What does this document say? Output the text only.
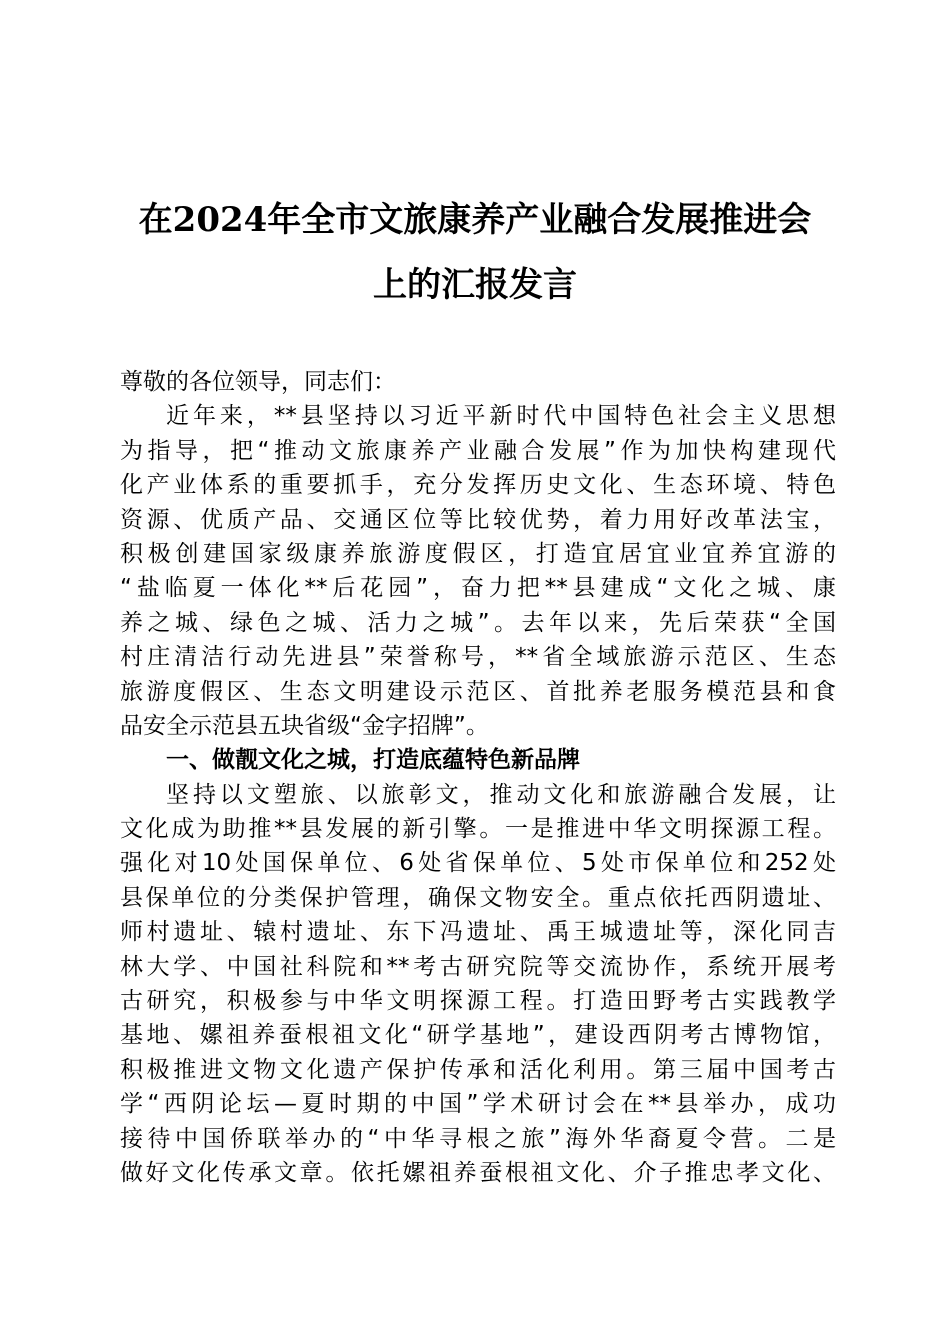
在2024年全市文旅康养产业融合发展推进会
上的汇报发言
尊敬的各位领导，同志们：
近年来，**县坚持以习近平新时代中国特色社会主义思想
为指导，把“推动文旅康养产业融合发展”作为加快构建现代
化产业体系的重要抓手，充分发挥历史文化、生态环境、特色
资源、优质产品、交通区位等比较优势，着力用好改革法宝，
积极创建国家级康养旅游度假区，打造宜居宜业宜养宜游的
“盐临夏一体化**后花园”，奋力把**县建成“文化之城、康
养之城、绿色之城、活力之城”。去年以来，先后荣获“全国
村庄清洁行动先进县”荣誉称号，**省全域旅游示范区、生态
旅游度假区、生态文明建设示范区、首批养老服务模范县和食
品安全示范县五块省级“金字招牌”。
一、做靓文化之城，打造底蕴特色新品牌
坚持以文塑旅、以旅彰文，推动文化和旅游融合发展，让
文化成为助推**县发展的新引擎。一是推进中华文明探源工程。
强化对10处国保单位、6处省保单位、5处市保单位和252处
县保单位的分类保护管理，确保文物安全。重点依托西阴遗址、
师村遗址、辕村遗址、东下冯遗址、禹王城遗址等，深化同吉
林大学、中国社科院和**考古研究院等交流协作，系统开展考
古研究，积极参与中华文明探源工程。打造田野考古实践教学
基地、嫘祖养蚕根祖文化“研学基地”，建设西阴考古博物馆，
积极推进文物文化遗产保护传承和活化利用。第三届中国考古
学“西阴论坛—夏时期的中国”学术研讨会在**县举办，成功
接待中国侨联举办的“中华寻根之旅”海外华裔夏令营。二是
做好文化传承文章。依托嫘祖养蚕根祖文化、介子推忠孝文化、
